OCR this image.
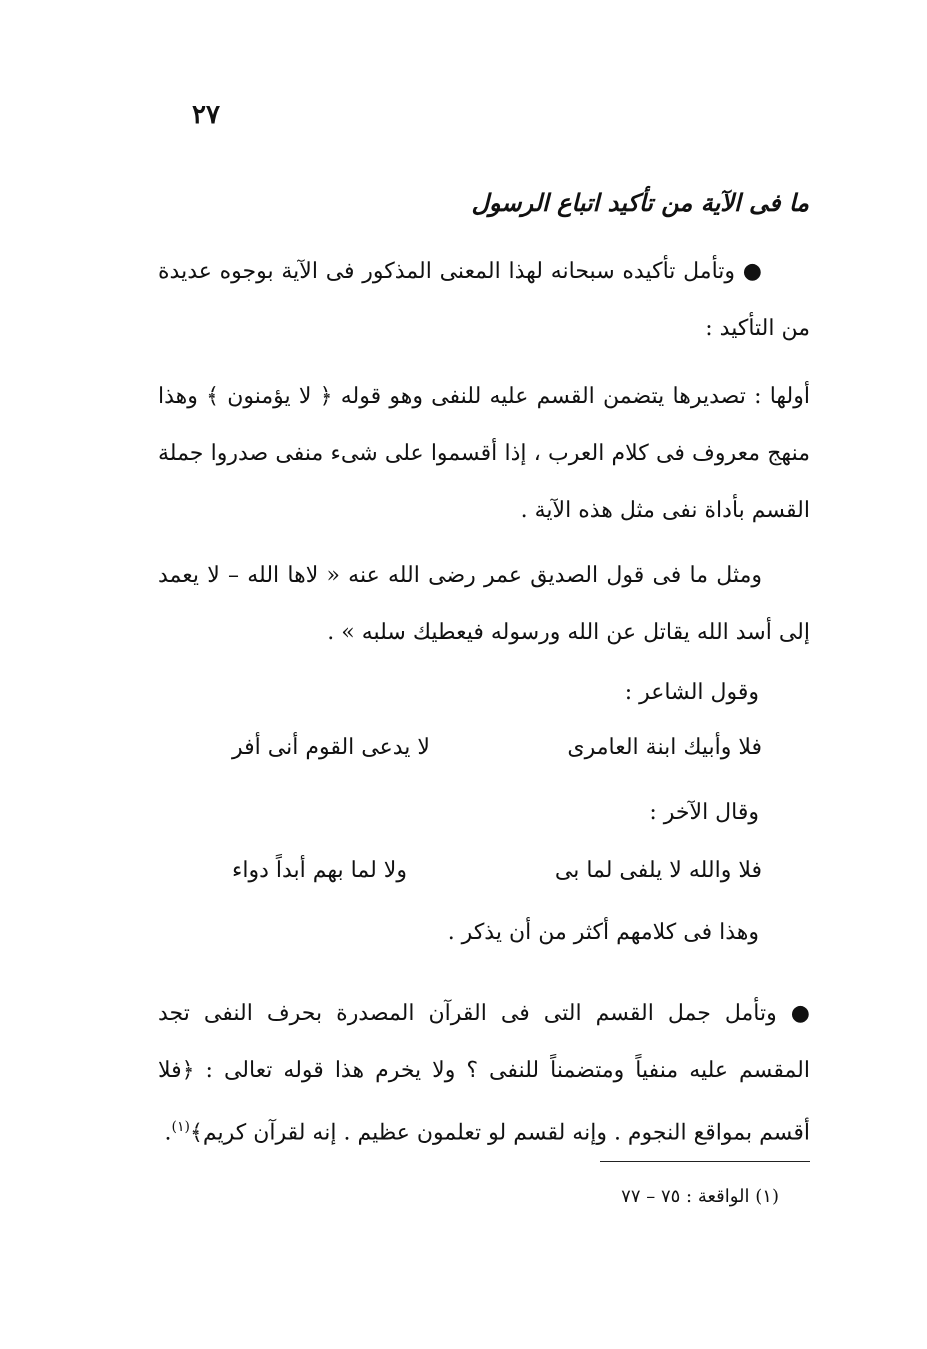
٢٧
ما فى الآية من تأكيد اتباع الرسول
● وتأمل تأكيده سبحانه لهذا المعنى المذكور فى الآية بوجوه عديدة من التأكيد :
أولها : تصديرها يتضمن القسم عليه للنفى وهو قوله ﴿ لا يؤمنون ﴾ وهذا منهج معروف فى كلام العرب ، إذا أقسموا على شىء منفى صدروا جملة القسم بأداة نفى مثل هذه الآية .
ومثل ما فى قول الصديق عمر رضى الله عنه « لاها الله – لا يعمد إلى أسد الله يقاتل عن الله ورسوله فيعطيك سلبه » .
وقول الشاعر :
فلا وأبيك ابنة العامرى
لا يدعى القوم أنى أفر
وقال الآخر :
فلا والله لا يلفى لما بى
ولا لما بهم أبداً دواء
وهذا فى كلامهم أكثر من أن يذكر .
● وتأمل جمل القسم التى فى القرآن المصدرة بحرف النفى تجد المقسم عليه منفياً ومتضمناً للنفى ؟ ولا يخرم هذا قوله تعالى : ﴿فلا أقسم بمواقع النجوم . وإنه لقسم لو تعلمون عظيم . إنه لقرآن كريم﴾$^{(١)}$.
(١) الواقعة : ٧٥ – ٧٧
